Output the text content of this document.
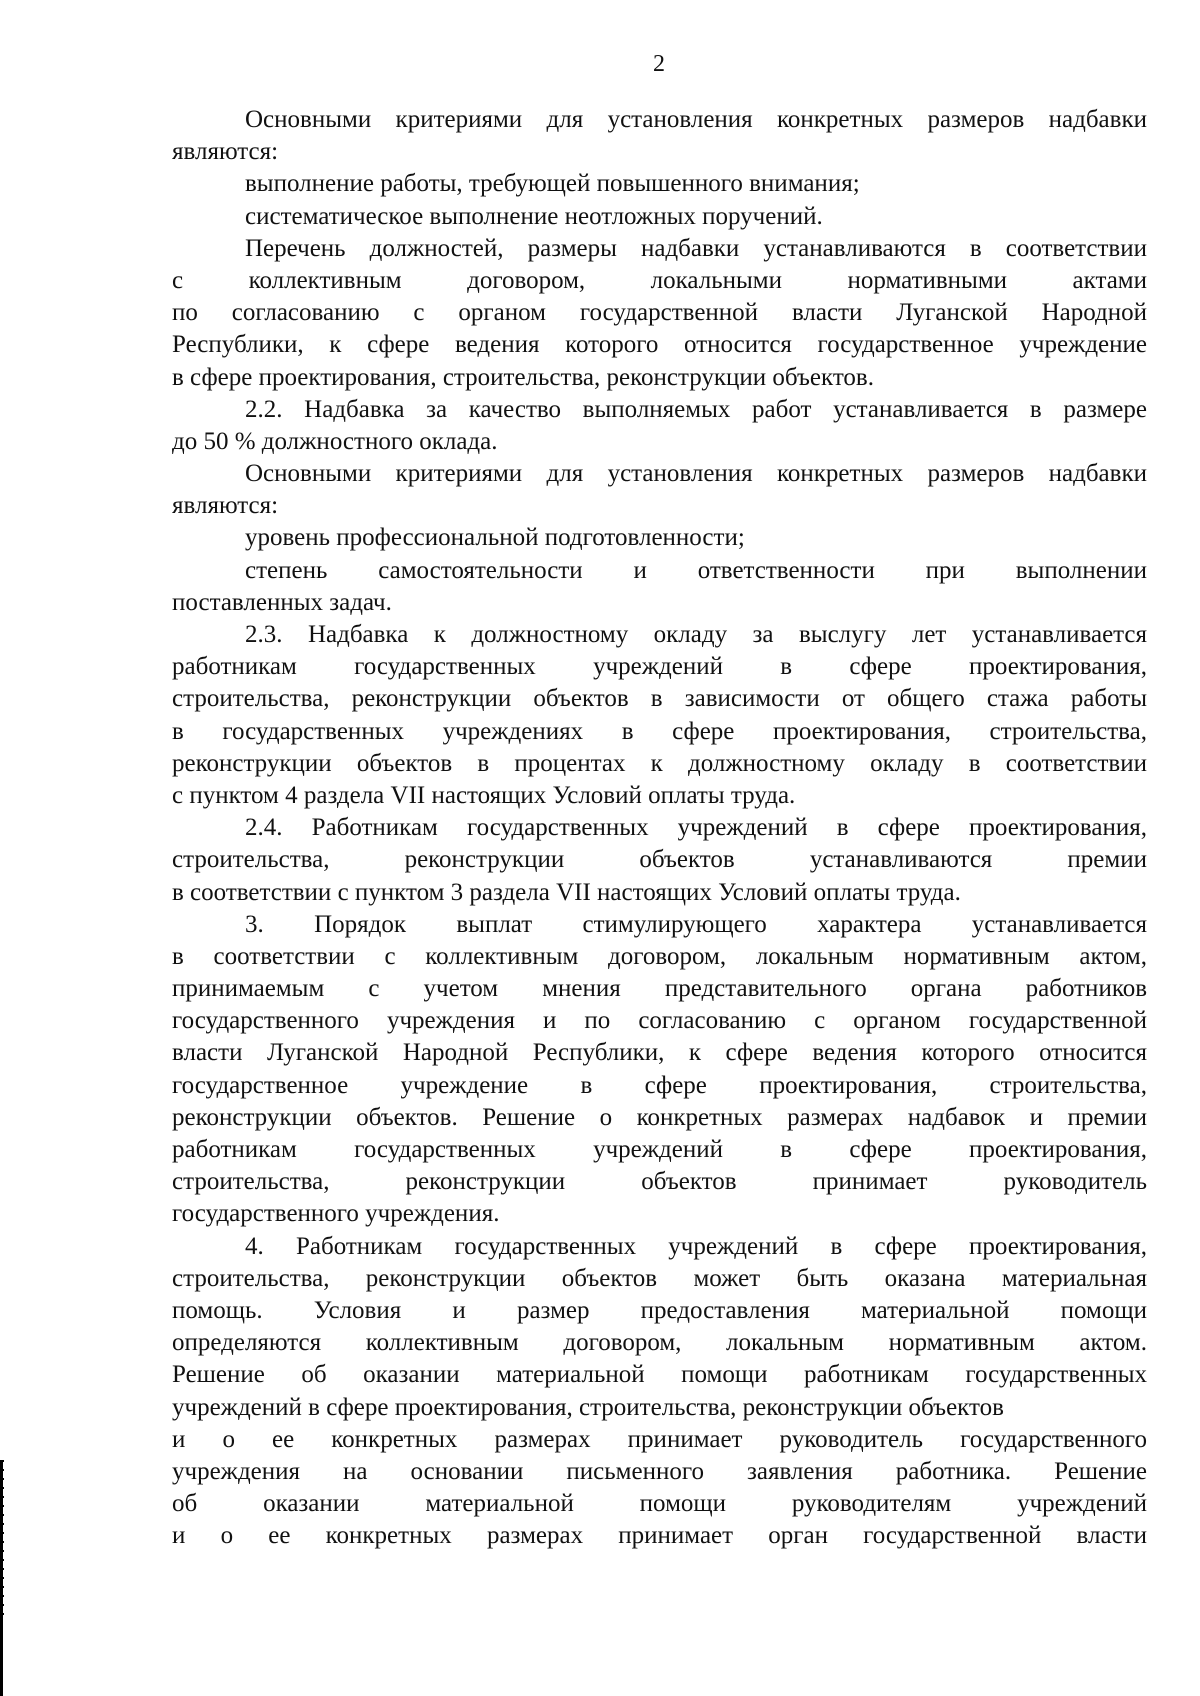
2
Основными критериями для установления конкретных размеров надбавки
являются:
выполнение работы, требующей повышенного внимания;
систематическое выполнение неотложных поручений.
Перечень должностей, размеры надбавки устанавливаются в соответствии
с коллективным договором, локальными нормативными актами
по согласованию с органом государственной власти Луганской Народной
Республики, к сфере ведения которого относится государственное учреждение
в сфере проектирования, строительства, реконструкции объектов.
2.2. Надбавка за качество выполняемых работ устанавливается в размере
до 50 % должностного оклада.
Основными критериями для установления конкретных размеров надбавки
являются:
уровень профессиональной подготовленности;
степень самостоятельности и ответственности при выполнении
поставленных задач.
2.3. Надбавка к должностному окладу за выслугу лет устанавливается
работникам государственных учреждений в сфере проектирования,
строительства, реконструкции объектов в зависимости от общего стажа работы
в государственных учреждениях в сфере проектирования, строительства,
реконструкции объектов в процентах к должностному окладу в соответствии
с пунктом 4 раздела VII настоящих Условий оплаты труда.
2.4. Работникам государственных учреждений в сфере проектирования,
строительства, реконструкции объектов устанавливаются премии
в соответствии с пунктом 3 раздела VII настоящих Условий оплаты труда.
3. Порядок выплат стимулирующего характера устанавливается
в соответствии с коллективным договором, локальным нормативным актом,
принимаемым с учетом мнения представительного органа работников
государственного учреждения и по согласованию с органом государственной
власти Луганской Народной Республики, к сфере ведения которого относится
государственное учреждение в сфере проектирования, строительства,
реконструкции объектов. Решение о конкретных размерах надбавок и премии
работникам государственных учреждений в сфере проектирования,
строительства, реконструкции объектов принимает руководитель
государственного учреждения.
4. Работникам государственных учреждений в сфере проектирования,
строительства, реконструкции объектов может быть оказана материальная
помощь. Условия и размер предоставления материальной помощи
определяются коллективным договором, локальным нормативным актом.
Решение об оказании материальной помощи работникам государственных
учреждений в сфере проектирования, строительства, реконструкции объектов
и о ее конкретных размерах принимает руководитель государственного
учреждения на основании письменного заявления работника. Решение
об оказании материальной помощи руководителям учреждений
и о ее конкретных размерах принимает орган государственной власти
